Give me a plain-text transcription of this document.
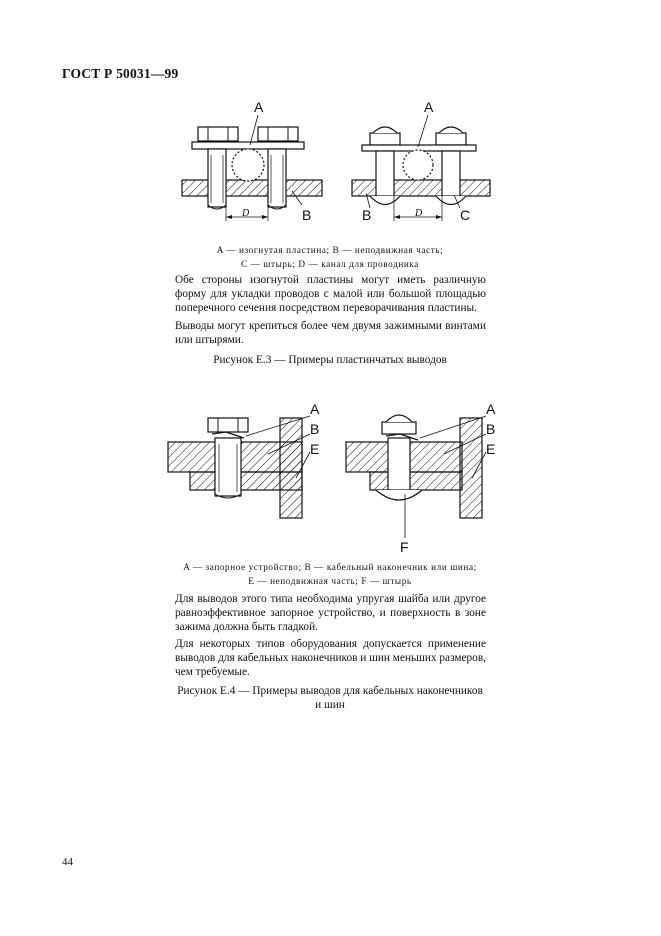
ГОСТ Р 50031—99
A
B
D
A
B	D	C
A — изогнутая пластина; B — неподвижная часть;
C — штырь; D — канал для проводника
Обе стороны изогнутой пластины могут иметь различную форму для укладки проводов с малой или большой площадью поперечного сечения посредством переворачивания пластины.
Выводы могут крепиться более чем двумя зажимными винтами или штырями.
Рисунок Е.3 — Примеры пластинчатых выводов
A
B
E
A
B
E
F
A — запорное устройство; B — кабельный наконечник или шина;
E — неподвижная часть; F — штырь
Для выводов этого типа необходима упругая шайба или другое равноэффективное запорное устройство, и поверхность в зоне зажима должна быть гладкой.
Для некоторых типов оборудования допускается применение выводов для кабельных наконечников и шин меньших размеров, чем требуемые.
Рисунок Е.4 — Примеры выводов для кабельных наконечников
и шин
44
